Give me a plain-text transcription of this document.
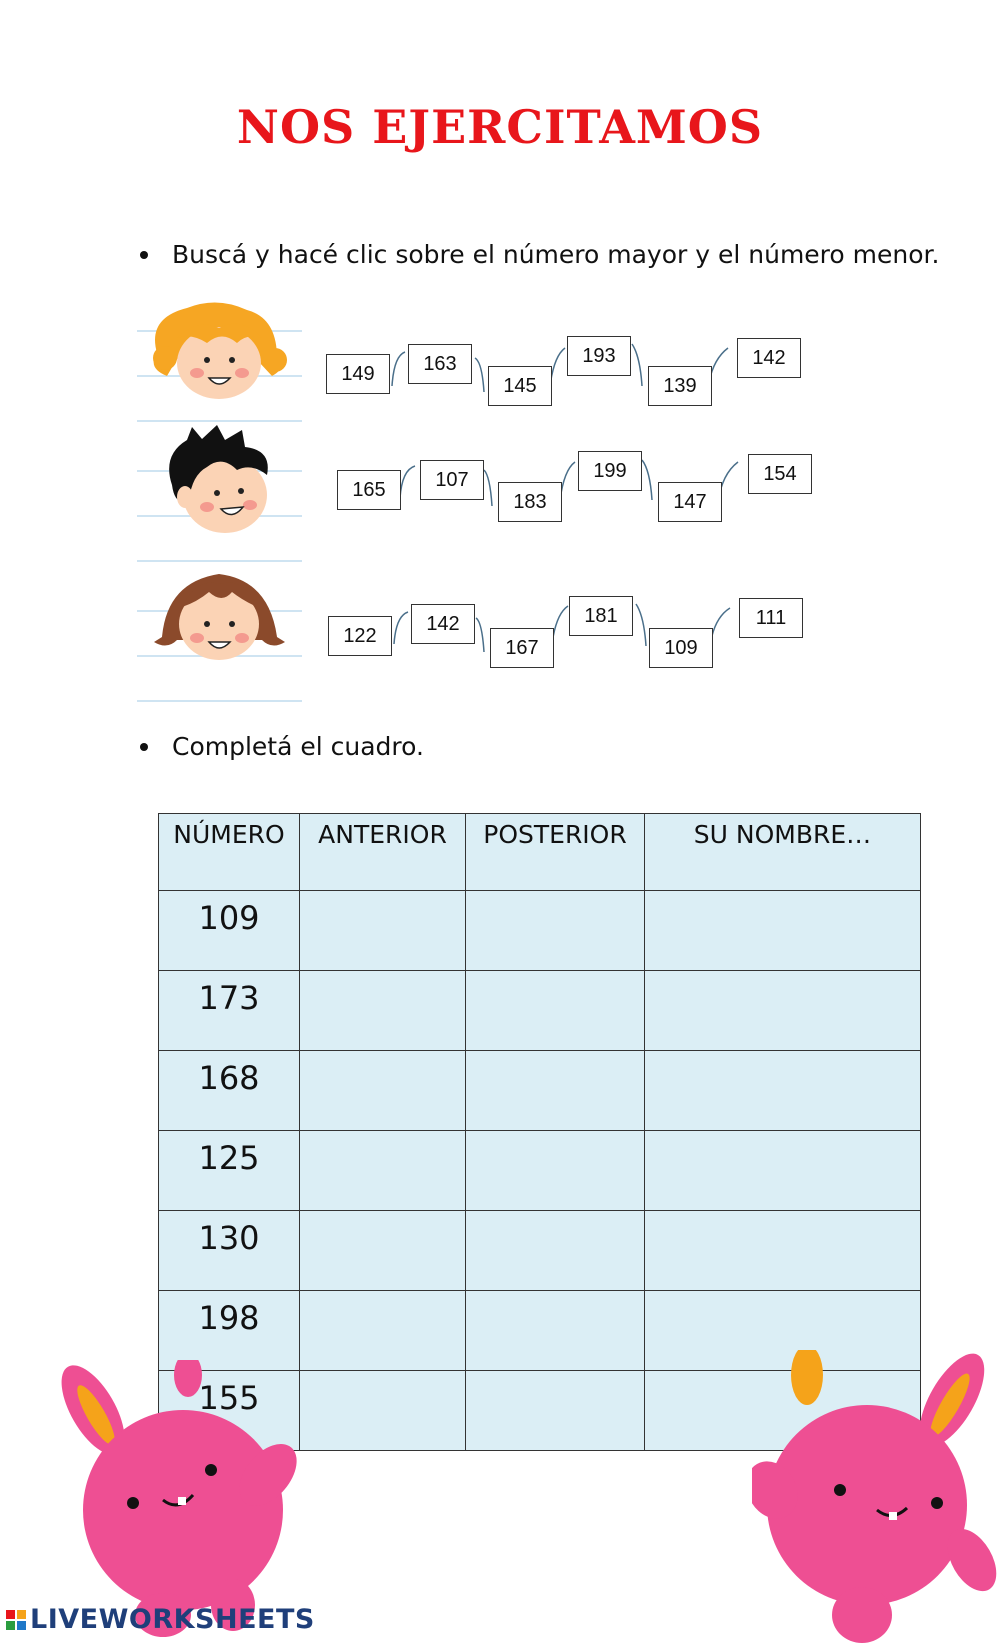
NOS EJERCITAMOS
Buscá y hacé clic sobre el número mayor y el número menor.
149	163
145
193
139
142
165	107
183
199
147
154
122
142
167
181
109
111
Completá el cuadro.
NÚMERO	ANTERIOR	POSTERIOR	SU NOMBRE…
109			
173			
168			
125			
130			
198			
155			
LIVEWORKSHEETS
